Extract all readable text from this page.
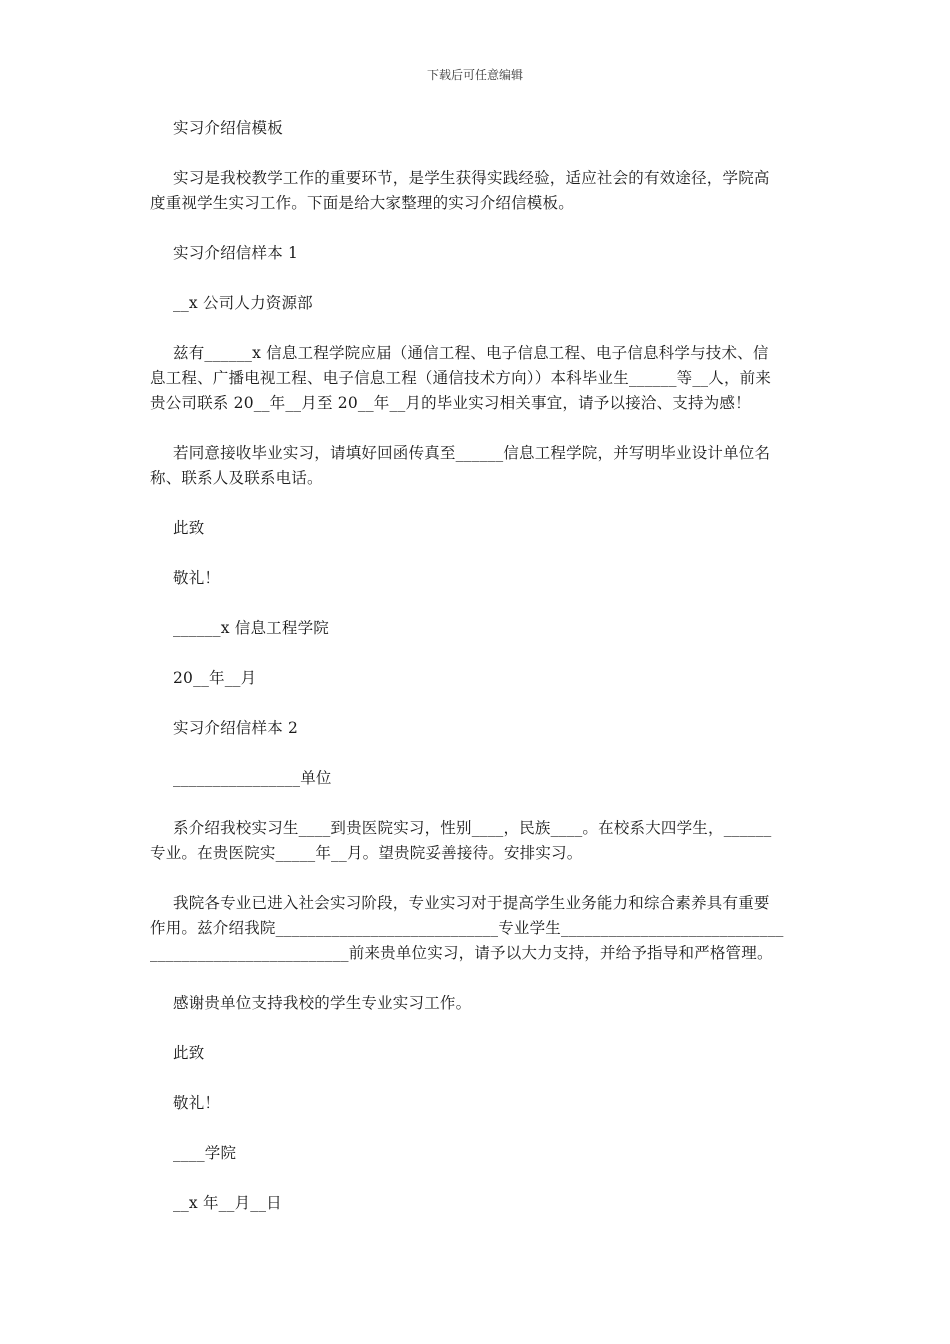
下载后可任意编辑

实习介绍信模板

实习是我校教学工作的重要环节，是学生获得实践经验，适应社会的有效途径，学院高

度重视学生实习工作。下面是给大家整理的实习介绍信模板。

实习介绍信样本 1

__x 公司人力资源部

兹有______x 信息工程学院应届（通信工程、电子信息工程、电子信息科学与技术、信

息工程、广播电视工程、电子信息工程（通信技术方向））本科毕业生______等__人，前来

贵公司联系 20__年__月至 20__年__月的毕业实习相关事宜，请予以接洽、支持为感！

若同意接收毕业实习，请填好回函传真至______信息工程学院，并写明毕业设计单位名

称、联系人及联系电话。

此致

敬礼！

______x 信息工程学院

20__年__月

实习介绍信样本 2

________________单位

系介绍我校实习生____到贵医院实习，性别____，民族____。在校系大四学生，______

专业。在贵医院实_____年__月。望贵院妥善接待。安排实习。

我院各专业已进入社会实习阶段，专业实习对于提高学生业务能力和综合素养具有重要

作用。兹介绍我院____________________________专业学生____________________________

_________________________前来贵单位实习，请予以大力支持，并给予指导和严格管理。

感谢贵单位支持我校的学生专业实习工作。

此致

敬礼！

____学院

__x 年__月__日
